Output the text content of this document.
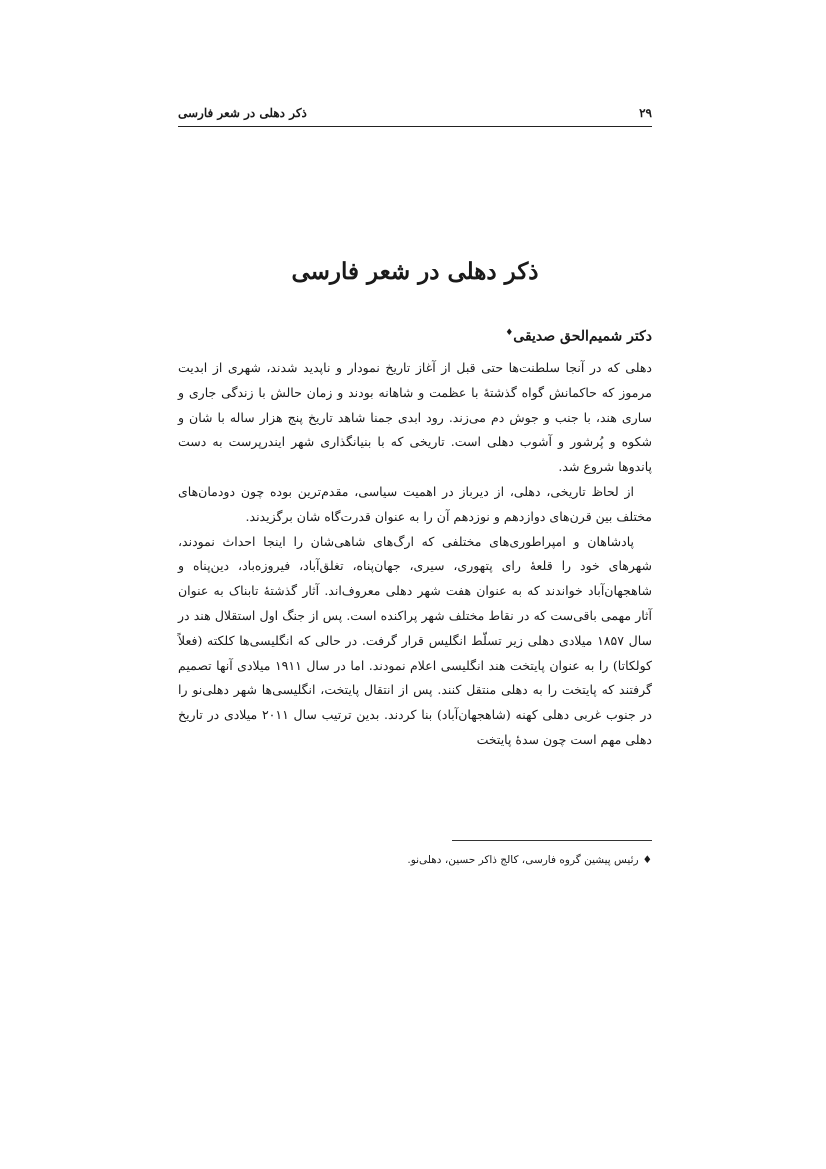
۲۹
ذکر دهلی در شعر فارسی
ذکر دهلی در شعر فارسی
دکتر شمیم‌الحق صدیقی♦

دهلی که در آنجا سلطنت‌ها حتی قبل از آغاز تاریخ نمودار و ناپدید شدند، شهری از ابدیت مرموز که حاکمانش گواه گذشتهٔ با عظمت و شاهانه بودند و زمان حالش با زندگی جاری و ساری هند، با جنب و جوش دم می‌زند. رود ابدی جمنا شاهد تاریخ پنج هزار ساله با شان و شکوه و پُرشور و آشوب دهلی است. تاریخی که با بنیانگذاری شهر ایندرپرست به دست پاندوها شروع شد.

از لحاظ تاریخی، دهلی، از دیرباز در اهمیت سیاسی، مقدم‌ترین بوده چون دودمان‌های مختلف بین قرن‌های دوازدهم و نوزدهم آن را به عنوان قدرت‌گاه شان برگزیدند.

پادشاهان و امپراطوری‌های مختلفی که ارگ‌های شاهی‌شان را اینجا احداث نمودند، شهرهای خود را قلعهٔ رای پتهوری، سیری، جهان‌پناه، تغلق‌آباد، فیروزه‌باد، دین‌پناه و شاهجهان‌آباد خواندند که به عنوان هفت شهر دهلی معروف‌اند. آثار گذشتهٔ تابناک به عنوان آثار مهمی باقی‌ست که در نقاط مختلف شهر پراکنده است. پس از جنگ اول استقلال هند در سال ۱۸۵۷ میلادی دهلی زیر تسلّط انگلیس قرار گرفت. در حالی که انگلیسی‌ها کلکته (فعلاً کولکاتا) را به عنوان پایتخت هند انگلیسی اعلام نمودند. اما در سال ۱۹۱۱ میلادی آنها تصمیم گرفتند که پایتخت را به دهلی منتقل کنند. پس از انتقال پایتخت، انگلیسی‌ها شهر دهلی‌نو را در جنوب غربی دهلی کهنه (شاهجهان‌آباد) بنا کردند. بدین ترتیب سال ۲۰۱۱ میلادی در تاریخ دهلی مهم است چون سدهٔ پایتخت

♦رئیس پیشین گروه فارسی، کالج ذاکر حسین، دهلی‌نو.
